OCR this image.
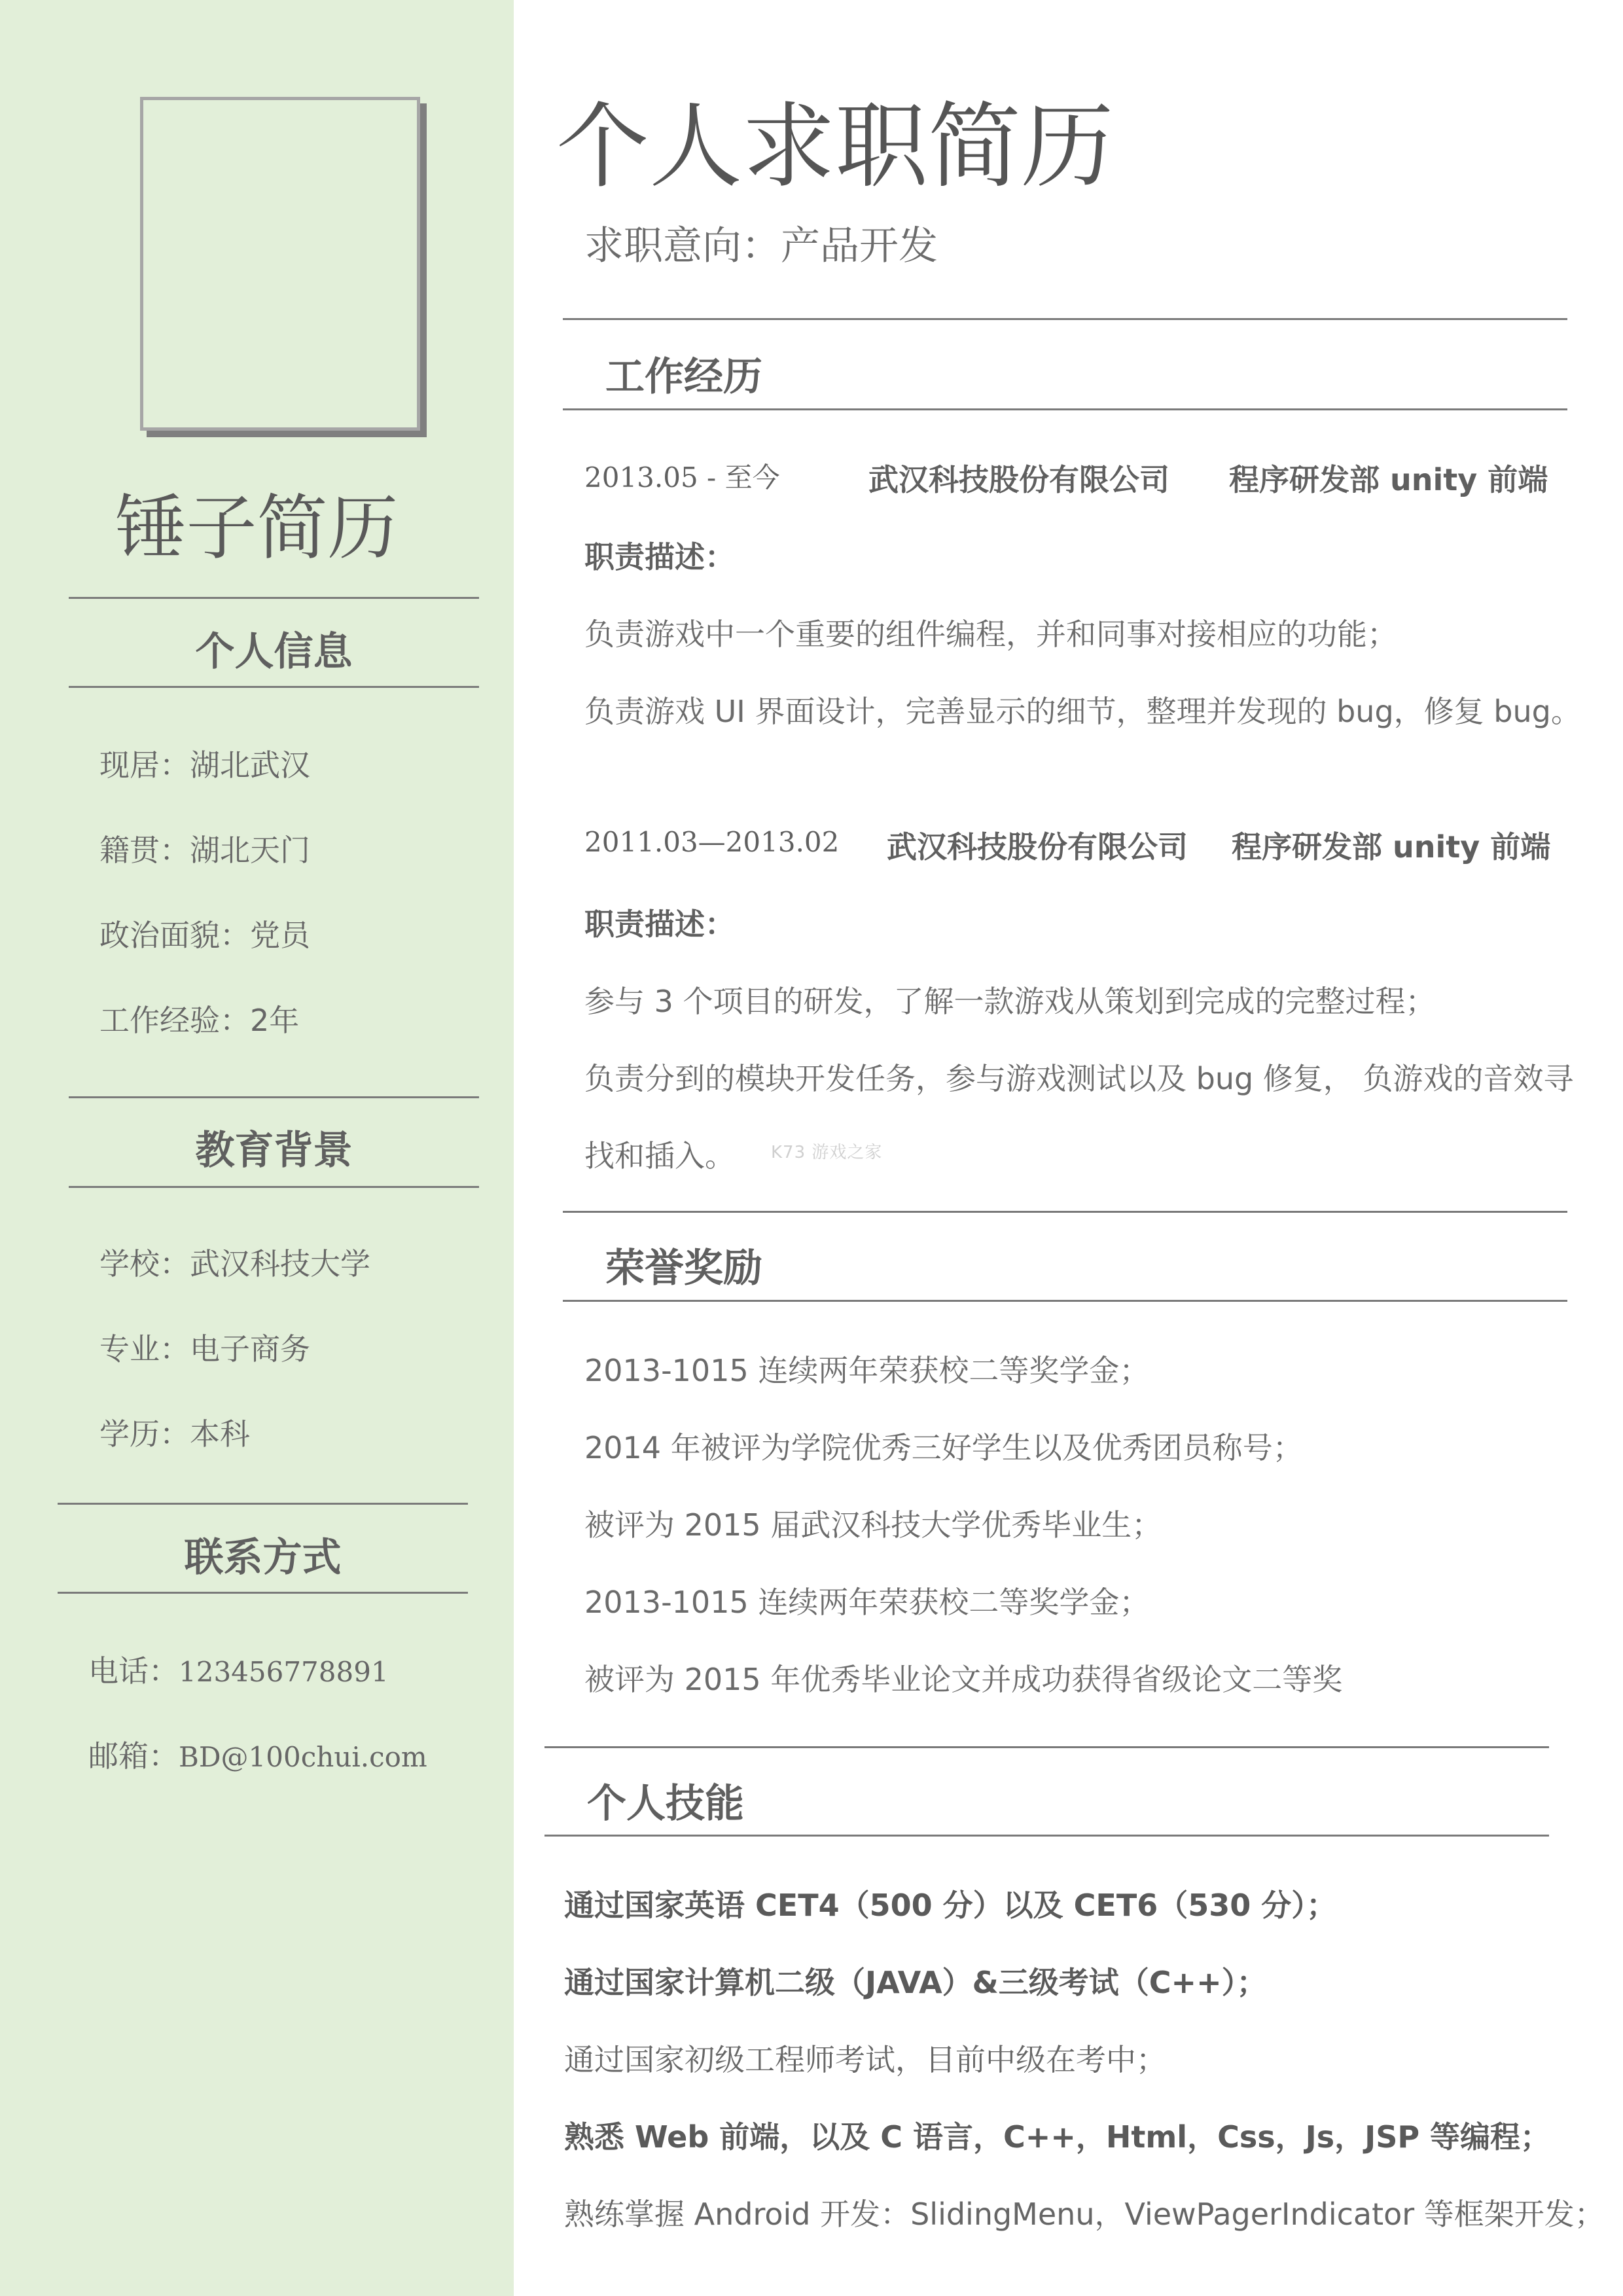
锤子简历
个人信息
现居：湖北武汉
籍贯：湖北天门
政治面貌：党员
工作经验：2年
教育背景
学校：武汉科技大学
专业：电子商务
学历：本科
联系方式
电话：123456778891
邮箱：BD@100chui.com
个人求职简历
求职意向：产品开发
工作经历
2013.05 - 至今	武汉科技股份有限公司 程序研发部 unity 前端
职责描述：
负责游戏中一个重要的组件编程，并和同事对接相应的功能；
负责游戏 UI 界面设计，完善显示的细节，整理并发现的 bug，修复 bug。
2011.03—2013.02 武汉科技股份有限公司 程序研发部 unity 前端
职责描述：
参与 3 个项目的研发，了解一款游戏从策划到完成的完整过程；
负责分到的模块开发任务，参与游戏测试以及 bug 修复， 负游戏的音效寻
找和插入。 K73 游戏之家
荣誉奖励
2013-1015 连续两年荣获校二等奖学金；
2014 年被评为学院优秀三好学生以及优秀团员称号；
被评为 2015 届武汉科技大学优秀毕业生；
2013-1015 连续两年荣获校二等奖学金；
被评为 2015 年优秀毕业论文并成功获得省级论文二等奖
个人技能
通过国家英语 CET4（500 分）以及 CET6（530 分）；
通过国家计算机二级（JAVA）&三级考试（C++）；
通过国家初级工程师考试，目前中级在考中；
熟悉 Web 前端，以及 C 语言，C++，Html，Css，Js，JSP 等编程；
熟练掌握 Android 开发：SlidingMenu，ViewPagerIndicator 等框架开发；
